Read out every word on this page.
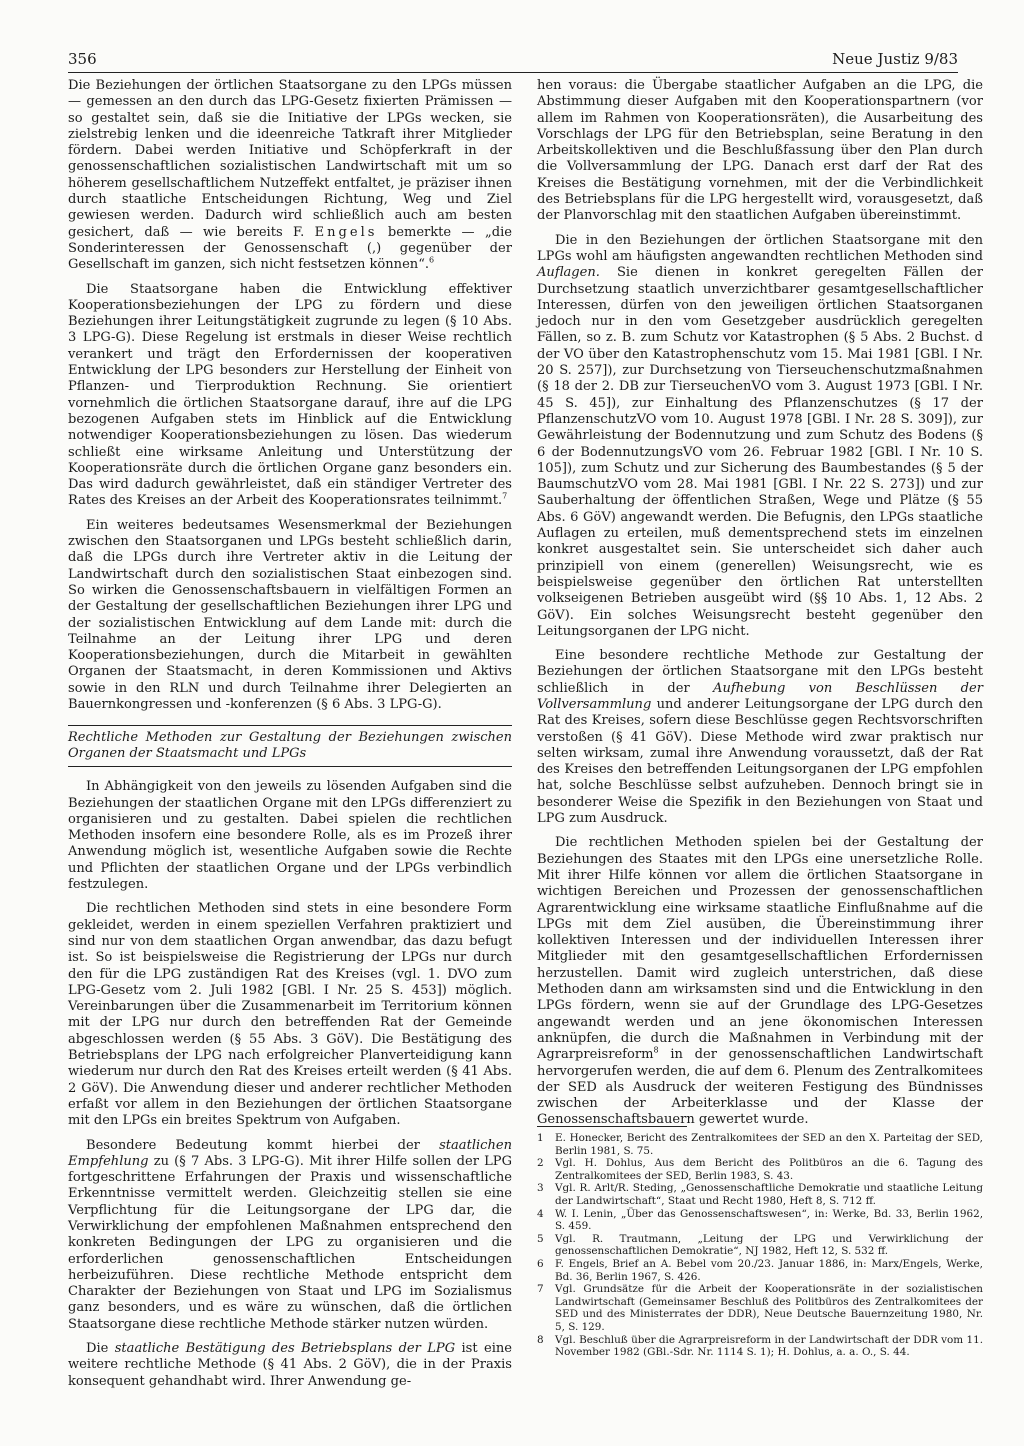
356	Neue Justiz 9/83

Die Beziehungen der örtlichen Staatsorgane zu den LPGs müssen — gemessen an den durch das LPG-Gesetz fixierten Prämissen — so gestaltet sein, daß sie die Initiative der LPGs wecken, sie zielstrebig lenken und die ideenreiche Tatkraft ihrer Mitglieder fördern. Dabei werden Initiative und Schöpferkraft in der genossenschaftlichen sozialistischen Landwirtschaft mit um so höherem gesellschaftlichem Nutzeffekt entfaltet, je präziser ihnen durch staatliche Entscheidungen Richtung, Weg und Ziel gewiesen werden. Dadurch wird schließlich auch am besten gesichert, daß — wie bereits F. Engels bemerkte — „die Sonderinteressen der Genossenschaft (,) gegenüber der Gesellschaft im ganzen, sich nicht festsetzen können“.$^6$

Die Staatsorgane haben die Entwicklung effektiver Kooperationsbeziehungen der LPG zu fördern und diese Beziehungen ihrer Leitungstätigkeit zugrunde zu legen (§ 10 Abs. 3 LPG-G). Diese Regelung ist erstmals in dieser Weise rechtlich verankert und trägt den Erfordernissen der kooperativen Entwicklung der LPG besonders zur Herstellung der Einheit von Pflanzen- und Tierproduktion Rechnung. Sie orientiert vornehmlich die örtlichen Staatsorgane darauf, ihre auf die LPG bezogenen Aufgaben stets im Hinblick auf die Entwicklung notwendiger Kooperationsbeziehungen zu lösen. Das wiederum schließt eine wirksame Anleitung und Unterstützung der Kooperationsräte durch die örtlichen Organe ganz besonders ein. Das wird dadurch gewährleistet, daß ein ständiger Vertreter des Rates des Kreises an der Arbeit des Kooperationsrates teilnimmt.$^7$

Ein weiteres bedeutsames Wesensmerkmal der Beziehungen zwischen den Staatsorganen und LPGs besteht schließlich darin, daß die LPGs durch ihre Vertreter aktiv in die Leitung der Landwirtschaft durch den sozialistischen Staat einbezogen sind. So wirken die Genossenschaftsbauern in vielfältigen Formen an der Gestaltung der gesellschaftlichen Beziehungen ihrer LPG und der sozialistischen Entwicklung auf dem Lande mit: durch die Teilnahme an der Leitung ihrer LPG und deren Kooperationsbeziehungen, durch die Mitarbeit in gewählten Organen der Staatsmacht, in deren Kommissionen und Aktivs sowie in den RLN und durch Teilnahme ihrer Delegierten an Bauernkongressen und -konferenzen (§ 6 Abs. 3 LPG-G).

Rechtliche Methoden zur Gestaltung der Beziehungen zwischen Organen der Staatsmacht und LPGs

In Abhängigkeit von den jeweils zu lösenden Aufgaben sind die Beziehungen der staatlichen Organe mit den LPGs differenziert zu organisieren und zu gestalten. Dabei spielen die rechtlichen Methoden insofern eine besondere Rolle, als es im Prozeß ihrer Anwendung möglich ist, wesentliche Aufgaben sowie die Rechte und Pflichten der staatlichen Organe und der LPGs verbindlich festzulegen.

Die rechtlichen Methoden sind stets in eine besondere Form gekleidet, werden in einem speziellen Verfahren praktiziert und sind nur von dem staatlichen Organ anwendbar, das dazu befugt ist. So ist beispielsweise die Registrierung der LPGs nur durch den für die LPG zuständigen Rat des Kreises (vgl. 1. DVO zum LPG-Gesetz vom 2. Juli 1982 [GBl. I Nr. 25 S. 453]) möglich. Vereinbarungen über die Zusammenarbeit im Territorium können mit der LPG nur durch den betreffenden Rat der Gemeinde abgeschlossen werden (§ 55 Abs. 3 GöV). Die Bestätigung des Betriebsplans der LPG nach erfolgreicher Planverteidigung kann wiederum nur durch den Rat des Kreises erteilt werden (§ 41 Abs. 2 GöV). Die Anwendung dieser und anderer rechtlicher Methoden erfaßt vor allem in den Beziehungen der örtlichen Staatsorgane mit den LPGs ein breites Spektrum von Aufgaben.

Besondere Bedeutung kommt hierbei der staatlichen Empfehlung zu (§ 7 Abs. 3 LPG-G). Mit ihrer Hilfe sollen der LPG fortgeschrittene Erfahrungen der Praxis und wissenschaftliche Erkenntnisse vermittelt werden. Gleichzeitig stellen sie eine Verpflichtung für die Leitungsorgane der LPG dar, die Verwirklichung der empfohlenen Maßnahmen entsprechend den konkreten Bedingungen der LPG zu organisieren und die erforderlichen genossenschaftlichen Entscheidungen herbeizuführen. Diese rechtliche Methode entspricht dem Charakter der Beziehungen von Staat und LPG im Sozialismus ganz besonders, und es wäre zu wünschen, daß die örtlichen Staatsorgane diese rechtliche Methode stärker nutzen würden.

Die staatliche Bestätigung des Betriebsplans der LPG ist eine weitere rechtliche Methode (§ 41 Abs. 2 GöV), die in der Praxis konsequent gehandhabt wird. Ihrer Anwendung ge-

hen voraus: die Übergabe staatlicher Aufgaben an die LPG, die Abstimmung dieser Aufgaben mit den Kooperationspartnern (vor allem im Rahmen von Kooperationsräten), die Ausarbeitung des Vorschlags der LPG für den Betriebsplan, seine Beratung in den Arbeitskollektiven und die Beschlußfassung über den Plan durch die Vollversammlung der LPG. Danach erst darf der Rat des Kreises die Bestätigung vornehmen, mit der die Verbindlichkeit des Betriebsplans für die LPG hergestellt wird, vorausgesetzt, daß der Planvorschlag mit den staatlichen Aufgaben übereinstimmt.

Die in den Beziehungen der örtlichen Staatsorgane mit den LPGs wohl am häufigsten angewandten rechtlichen Methoden sind Auflagen. Sie dienen in konkret geregelten Fällen der Durchsetzung staatlich unverzichtbarer gesamtgesellschaftlicher Interessen, dürfen von den jeweiligen örtlichen Staatsorganen jedoch nur in den vom Gesetzgeber ausdrücklich geregelten Fällen, so z. B. zum Schutz vor Katastrophen (§ 5 Abs. 2 Buchst. d der VO über den Katastrophenschutz vom 15. Mai 1981 [GBl. I Nr. 20 S. 257]), zur Durchsetzung von Tierseuchenschutzmaßnahmen (§ 18 der 2. DB zur TierseuchenVO vom 3. August 1973 [GBl. I Nr. 45 S. 45]), zur Einhaltung des Pflanzenschutzes (§ 17 der PflanzenschutzVO vom 10. August 1978 [GBl. I Nr. 28 S. 309]), zur Gewährleistung der Bodennutzung und zum Schutz des Bodens (§ 6 der BodennutzungsVO vom 26. Februar 1982 [GBl. I Nr. 10 S. 105]), zum Schutz und zur Sicherung des Baumbestandes (§ 5 der BaumschutzVO vom 28. Mai 1981 [GBl. I Nr. 22 S. 273]) und zur Sauberhaltung der öffentlichen Straßen, Wege und Plätze (§ 55 Abs. 6 GöV) angewandt werden. Die Befugnis, den LPGs staatliche Auflagen zu erteilen, muß dementsprechend stets im einzelnen konkret ausgestaltet sein. Sie unterscheidet sich daher auch prinzipiell von einem (generellen) Weisungsrecht, wie es beispielsweise gegenüber den örtlichen Rat unterstellten volkseigenen Betrieben ausgeübt wird (§§ 10 Abs. 1, 12 Abs. 2 GöV). Ein solches Weisungsrecht besteht gegenüber den Leitungsorganen der LPG nicht.

Eine besondere rechtliche Methode zur Gestaltung der Beziehungen der örtlichen Staatsorgane mit den LPGs besteht schließlich in der Aufhebung von Beschlüssen der Vollversammlung und anderer Leitungsorgane der LPG durch den Rat des Kreises, sofern diese Beschlüsse gegen Rechtsvorschriften verstoßen (§ 41 GöV). Diese Methode wird zwar praktisch nur selten wirksam, zumal ihre Anwendung voraussetzt, daß der Rat des Kreises den betreffenden Leitungsorganen der LPG empfohlen hat, solche Beschlüsse selbst aufzuheben. Dennoch bringt sie in besonderer Weise die Spezifik in den Beziehungen von Staat und LPG zum Ausdruck.

Die rechtlichen Methoden spielen bei der Gestaltung der Beziehungen des Staates mit den LPGs eine unersetzliche Rolle. Mit ihrer Hilfe können vor allem die örtlichen Staatsorgane in wichtigen Bereichen und Prozessen der genossenschaftlichen Agrarentwicklung eine wirksame staatliche Einflußnahme auf die LPGs mit dem Ziel ausüben, die Übereinstimmung ihrer kollektiven Interessen und der individuellen Interessen ihrer Mitglieder mit den gesamtgesellschaftlichen Erfordernissen herzustellen. Damit wird zugleich unterstrichen, daß diese Methoden dann am wirksamsten sind und die Entwicklung in den LPGs fördern, wenn sie auf der Grundlage des LPG-Gesetzes angewandt werden und an jene ökonomischen Interessen anknüpfen, die durch die Maßnahmen in Verbindung mit der Agrarpreisreform$^8$ in der genossenschaftlichen Landwirtschaft hervorgerufen werden, die auf dem 6. Plenum des Zentralkomitees der SED als Ausdruck der weiteren Festigung des Bündnisses zwischen der Arbeiterklasse und der Klasse der Genossenschaftsbauern gewertet wurde.

1	E. Honecker, Bericht des Zentralkomitees der SED an den X. Parteitag der SED, Berlin 1981, S. 75.
2	Vgl. H. Dohlus, Aus dem Bericht des Politbüros an die 6. Tagung des Zentralkomitees der SED, Berlin 1983, S. 43.
3	Vgl. R. Arlt/R. Steding, „Genossenschaftliche Demokratie und staatliche Leitung der Landwirtschaft“, Staat und Recht 1980, Heft 8, S. 712 ff.
4	W. I. Lenin, „Über das Genossenschaftswesen“, in: Werke, Bd. 33, Berlin 1962, S. 459.
5	Vgl. R. Trautmann, „Leitung der LPG und Verwirklichung der genossenschaftlichen Demokratie“, NJ 1982, Heft 12, S. 532 ff.
6	F. Engels, Brief an A. Bebel vom 20./23. Januar 1886, in: Marx/Engels, Werke, Bd. 36, Berlin 1967, S. 426.
7	Vgl. Grundsätze für die Arbeit der Kooperationsräte in der sozialistischen Landwirtschaft (Gemeinsamer Beschluß des Politbüros des Zentralkomitees der SED und des Ministerrates der DDR), Neue Deutsche Bauernzeitung 1980, Nr. 5, S. 129.
8	Vgl. Beschluß über die Agrarpreisreform in der Landwirtschaft der DDR vom 11. November 1982 (GBl.-Sdr. Nr. 1114 S. 1); H. Dohlus, a. a. O., S. 44.
